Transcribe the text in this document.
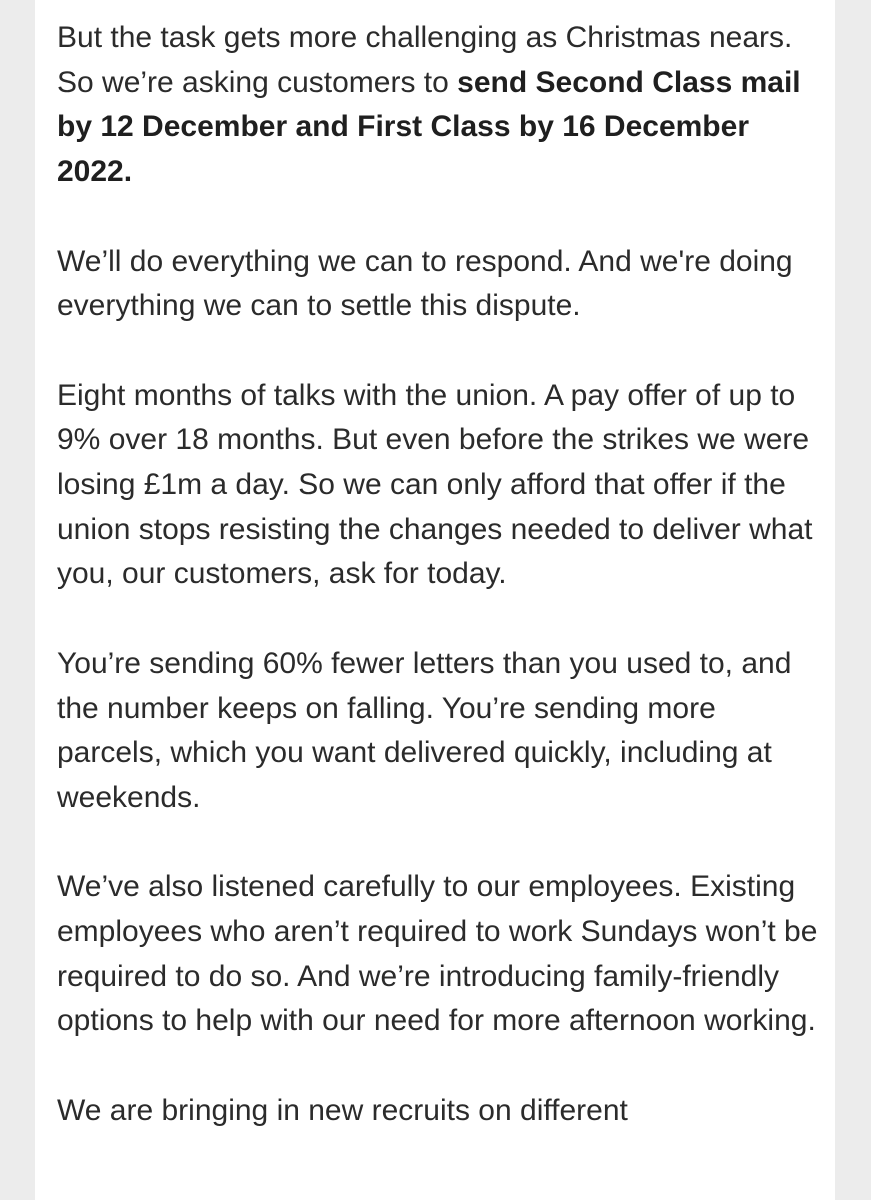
But the task gets more challenging as Christmas nears. So we’re asking customers to send Second Class mail by 12 December and First Class by 16 December 2022.

We’ll do everything we can to respond. And we're doing everything we can to settle this dispute.

Eight months of talks with the union. A pay offer of up to 9% over 18 months. But even before the strikes we were losing £1m a day. So we can only afford that offer if the union stops resisting the changes needed to deliver what you, our customers, ask for today.

You’re sending 60% fewer letters than you used to, and the number keeps on falling. You’re sending more parcels, which you want delivered quickly, including at weekends.

We’ve also listened carefully to our employees. Existing employees who aren’t required to work Sundays won’t be required to do so. And we’re introducing family-friendly options to help with our need for more afternoon working.

We are bringing in new recruits on different
